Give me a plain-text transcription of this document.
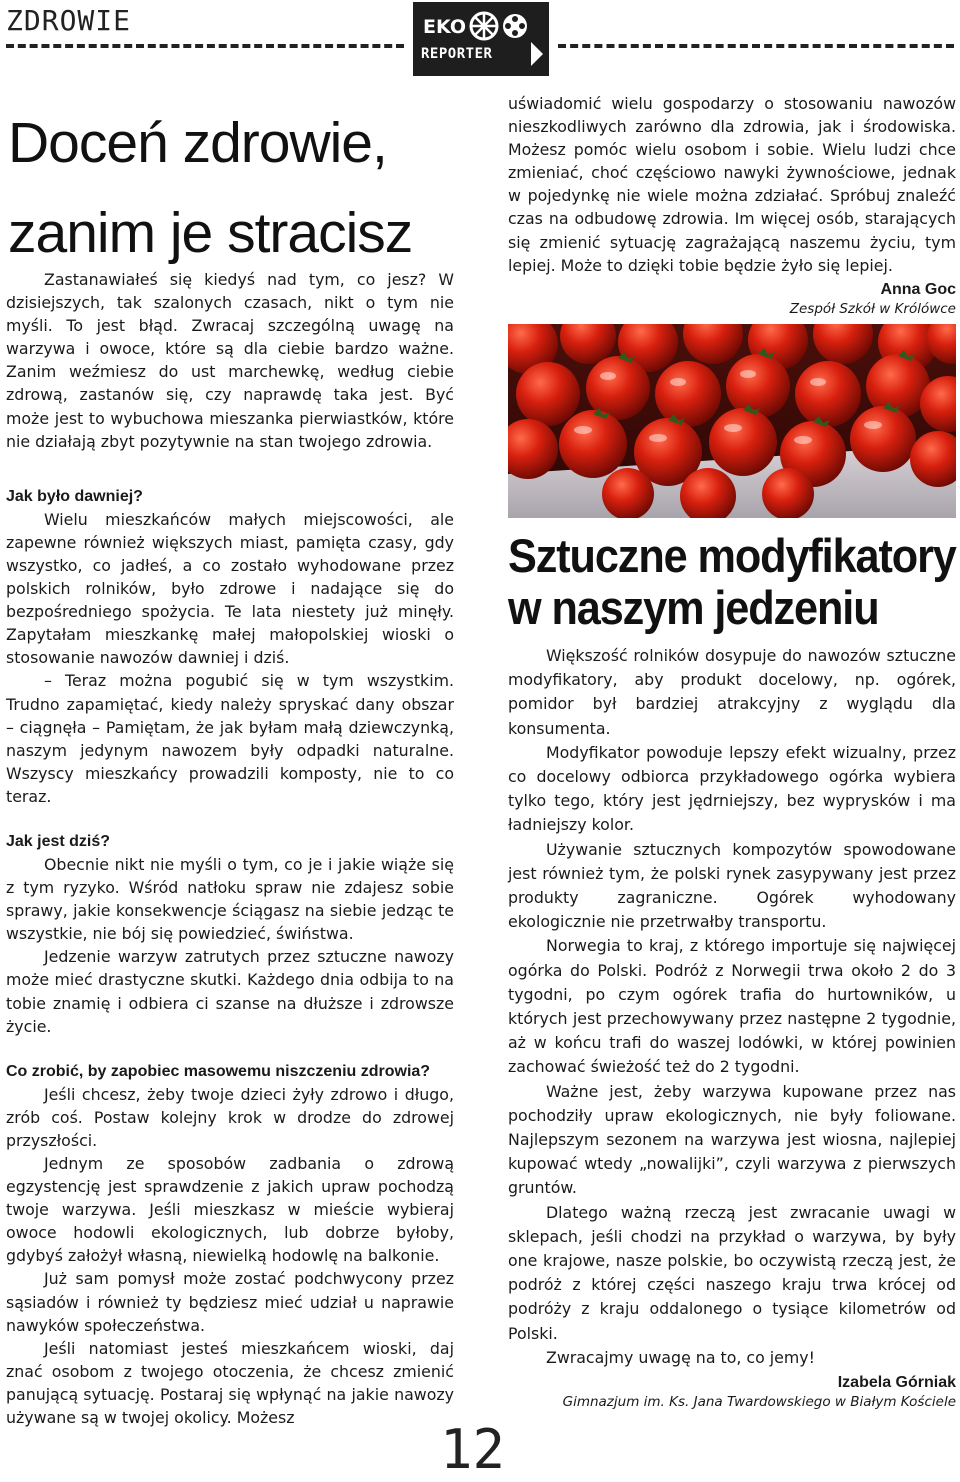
ZDROWIE	EKO
REPORTER
Doceń zdrowie,
zanim je stracisz

Zastanawiałeś się kiedyś nad tym, co jesz? W dzisiejszych, tak szalonych czasach, nikt o tym nie myśli. To jest błąd. Zwracaj szczególną uwagę na warzywa i owoce, które są dla ciebie bardzo ważne. Zanim weźmiesz do ust marchewkę, według ciebie zdrową, zastanów się, czy naprawdę taka jest. Być może jest to wybuchowa mieszanka pierwiastków, które nie działają zbyt pozytywnie na stan twojego zdrowia.

Jak było dawniej?

Wielu mieszkańców małych miejscowości, ale zapewne również większych miast, pamięta czasy, gdy wszystko, co jadłeś, a co zostało wyhodowane przez polskich rolników, było zdrowe i nadające się do bezpośredniego spożycia. Te lata niestety już minęły. Zapytałam mieszkankę małej małopolskiej wioski o stosowanie nawozów dawniej i dziś.

– Teraz można pogubić się w tym wszystkim. Trudno zapamiętać, kiedy należy spryskać dany obszar – ciągnęła – Pamiętam, że jak byłam małą dziewczynką, naszym jedynym nawozem były odpadki naturalne. Wszyscy mieszkańcy prowadzili komposty, nie to co teraz.

Jak jest dziś?

Obecnie nikt nie myśli o tym, co je i jakie wiąże się z tym ryzyko. Wśród natłoku spraw nie zdajesz sobie sprawy, jakie konsekwencje ściągasz na siebie jedząc te wszystkie, nie bój się powiedzieć, świństwa.

Jedzenie warzyw zatrutych przez sztuczne nawozy może mieć drastyczne skutki. Każdego dnia odbija to na tobie znamię i odbiera ci szanse na dłuższe i zdrowsze życie.

Co zrobić, by zapobiec masowemu niszczeniu zdrowia?

Jeśli chcesz, żeby twoje dzieci żyły zdrowo i długo, zrób coś. Postaw kolejny krok w drodze do zdrowej przyszłości.

Jednym ze sposobów zadbania o zdrową egzystencję jest sprawdzenie z jakich upraw pochodzą twoje warzywa. Jeśli mieszkasz w mieście wybieraj owoce hodowli ekologicznych, lub dobrze byłoby, gdybyś założył własną, niewielką hodowlę na balkonie.

Już sam pomysł może zostać podchwycony przez sąsiadów i również ty będziesz mieć udział u naprawie nawyków społeczeństwa.

Jeśli natomiast jesteś mieszkańcem wioski, daj znać osobom z twojego otoczenia, że chcesz zmienić panującą sytuację. Postaraj się wpłynąć na jakie nawozy używane są w twojej okolicy. Możesz

uświadomić wielu gospodarzy o stosowaniu nawozów nieszkodliwych zarówno dla zdrowia, jak i środowiska. Możesz pomóc wielu osobom i sobie. Wielu ludzi chce zmieniać, choć częściowo nawyki żywnościowe, jednak w pojedynkę nie wiele można zdziałać. Spróbuj znaleźć czas na odbudowę zdrowia. Im więcej osób, starających się zmienić sytuację zagrażającą naszemu życiu, tym lepiej. Może to dzięki tobie będzie żyło się lepiej.

Anna Goc
Zespół Szkół w Królówce
Sztuczne modyfikatory
w naszym jedzeniu

Większość rolników dosypuje do nawozów sztuczne modyfikatory, aby produkt docelowy, np. ogórek, pomidor był bardziej atrakcyjny z wyglądu dla konsumenta.

Modyfikator powoduje lepszy efekt wizualny, przez co docelowy odbiorca przykładowego ogórka wybiera tylko tego, który jest jędrniejszy, bez wyprysków i ma ładniejszy kolor.

Używanie sztucznych kompozytów spowodowane jest również tym, że polski rynek zasypywany jest przez produkty zagraniczne. Ogórek wyhodowany ekologicznie nie przetrwałby transportu.

Norwegia to kraj, z którego importuje się najwięcej ogórka do Polski. Podróż z Norwegii trwa około 2 do 3 tygodni, po czym ogórek trafia do hurtowników, u których jest przechowywany przez następne 2 tygodnie, aż w końcu trafi do waszej lodówki, w której powinien zachować świeżość też do 2 tygodni.

Ważne jest, żeby warzywa kupowane przez nas pochodziły upraw ekologicznych, nie były foliowane. Najlepszym sezonem na warzywa jest wiosna, najlepiej kupować wtedy „nowalijki”, czyli warzywa z pierwszych gruntów.

Dlatego ważną rzeczą jest zwracanie uwagi w sklepach, jeśli chodzi na przykład o warzywa, by były one krajowe, nasze polskie, bo oczywistą rzeczą jest, że podróż z której części naszego kraju trwa krócej od podróży z kraju oddalonego o tysiące kilometrów od Polski.

Zwracajmy uwagę na to, co jemy!

Izabela Górniak
Gimnazjum im. Ks. Jana Twardowskiego w Białym Kościele
12
